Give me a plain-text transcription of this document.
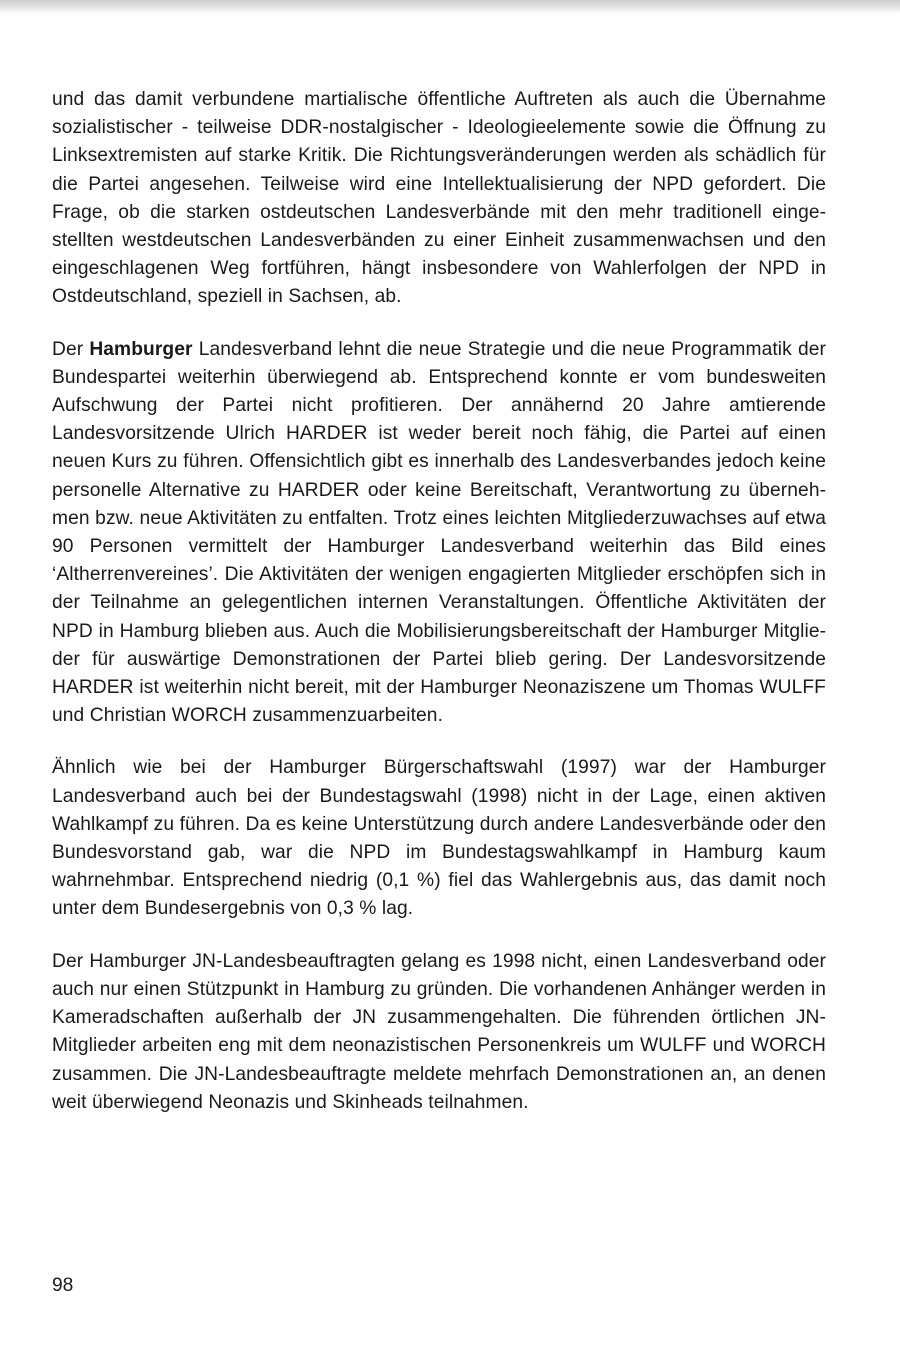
und das damit verbundene martialische öffentliche Auftreten als auch die Übernahme sozialistischer - teilweise DDR-nostalgischer - Ideologieelemente sowie die Öffnung zu Linksextremisten auf starke Kritik. Die Richtungsveränderungen werden als schädlich für die Partei angesehen. Teilweise wird eine Intellektualisierung der NPD gefordert. Die Frage, ob die starken ostdeutschen Landesverbände mit den mehr traditionell eingestellten westdeutschen Landesverbänden zu einer Einheit zusammenwachsen und den eingeschlagenen Weg fortführen, hängt insbesondere von Wahlerfolgen der NPD in Ostdeutschland, speziell in Sachsen, ab.

Der Hamburger Landesverband lehnt die neue Strategie und die neue Programmatik der Bundespartei weiterhin überwiegend ab. Entsprechend konnte er vom bundesweiten Aufschwung der Partei nicht profitieren. Der annähernd 20 Jahre amtierende Landesvorsitzende Ulrich HARDER ist weder bereit noch fähig, die Partei auf einen neuen Kurs zu führen. Offensichtlich gibt es innerhalb des Landesverbandes jedoch keine personelle Alternative zu HARDER oder keine Bereitschaft, Verantwortung zu übernehmen bzw. neue Aktivitäten zu entfalten. Trotz eines leichten Mitgliederzuwachses auf etwa 90 Personen vermittelt der Hamburger Landesverband weiterhin das Bild eines ‘Altherrenvereines’. Die Aktivitäten der wenigen engagierten Mitglieder erschöpfen sich in der Teilnahme an gelegentlichen internen Veranstaltungen. Öffentliche Aktivitäten der NPD in Hamburg blieben aus. Auch die Mobilisierungsbereitschaft der Hamburger Mitglieder für auswärtige Demonstrationen der Partei blieb gering. Der Landesvorsitzende HARDER ist weiterhin nicht bereit, mit der Hamburger Neonaziszene um Thomas WULFF und Christian WORCH zusammenzuarbeiten.

Ähnlich wie bei der Hamburger Bürgerschaftswahl (1997) war der Hamburger Landesverband auch bei der Bundestagswahl (1998) nicht in der Lage, einen aktiven Wahlkampf zu führen. Da es keine Unterstützung durch andere Landesverbände oder den Bundesvorstand gab, war die NPD im Bundestagswahlkampf in Hamburg kaum wahrnehmbar. Entsprechend niedrig (0,1 %) fiel das Wahlergebnis aus, das damit noch unter dem Bundesergebnis von 0,3 % lag.

Der Hamburger JN-Landesbeauftragten gelang es 1998 nicht, einen Landesverband oder auch nur einen Stützpunkt in Hamburg zu gründen. Die vorhandenen Anhänger werden in Kameradschaften außerhalb der JN zusammengehalten. Die führenden örtlichen JN-Mitglieder arbeiten eng mit dem neonazistischen Personenkreis um WULFF und WORCH zusammen. Die JN-Landesbeauftragte meldete mehrfach Demonstrationen an, an denen weit überwiegend Neonazis und Skinheads teilnahmen.

98
